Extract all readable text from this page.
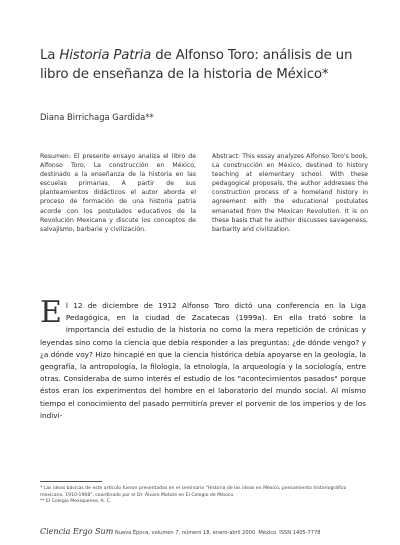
La Historia Patria de Alfonso Toro: análisis de un libro de enseñanza de la historia de México*
Diana Birrichaga Gardida**
Resumen: El presente ensayo analiza el libro de Alfonso Toro, La construcción en México, destinado a la enseñanza de la historia en las escuelas primarias. A partir de sus planteamientos didácticos el autor aborda el proceso de formación de una historia patria acorde con los postulados educativos de la Revolución Mexicana y discute los conceptos de salvajismo, barbarie y civilización.
Abstract: This essay analyzes Alfonso Toro's book, La construcción en México, destined to history teaching at elementary school. With these pedagogical proposals, the author addresses the construction process of a homeland history in agreement with the educational postulates emanated from the Mexican Revolution. It is on these basis that he author discusses savageness, barbarity and civilization.
El 12 de diciembre de 1912 Alfonso Toro dictó una conferencia en la Liga Pedagógica, en la ciudad de Zacatecas (1999a). En ella trató sobre la importancia del estudio de la historia no como la mera repetición de crónicas y leyendas sino como la ciencia que debía responder a las preguntas: ¿de dónde vengo? y ¿a dónde voy? Hizo hincapié en que la ciencia histórica debía apoyarse en la geología, la geografía, la antropología, la filología, la etnología, la arqueología y la sociología, entre otras. Consideraba de sumo interés el estudio de los "acontecimientos pasados" porque éstos eran los experimentos del hombre en el laboratorio del mundo social. Al mismo tiempo el conocimiento del pasado permitiría prever el porvenir de los imperios y de los indivi-
* Las ideas básicas de este artículo fueron presentadas en el seminario "Historia de las ideas en México, pensamiento historiográfico mexicano, 1910-1968", coordinado por el Dr. Álvaro Matute en El Colegio de México.
** El Colegio Mexiquense, A. C.
Ciencia Ergo Sum Nueva Época, volumen 7, número 18, enero-abril 2000. México. ISSN 1405-7778
